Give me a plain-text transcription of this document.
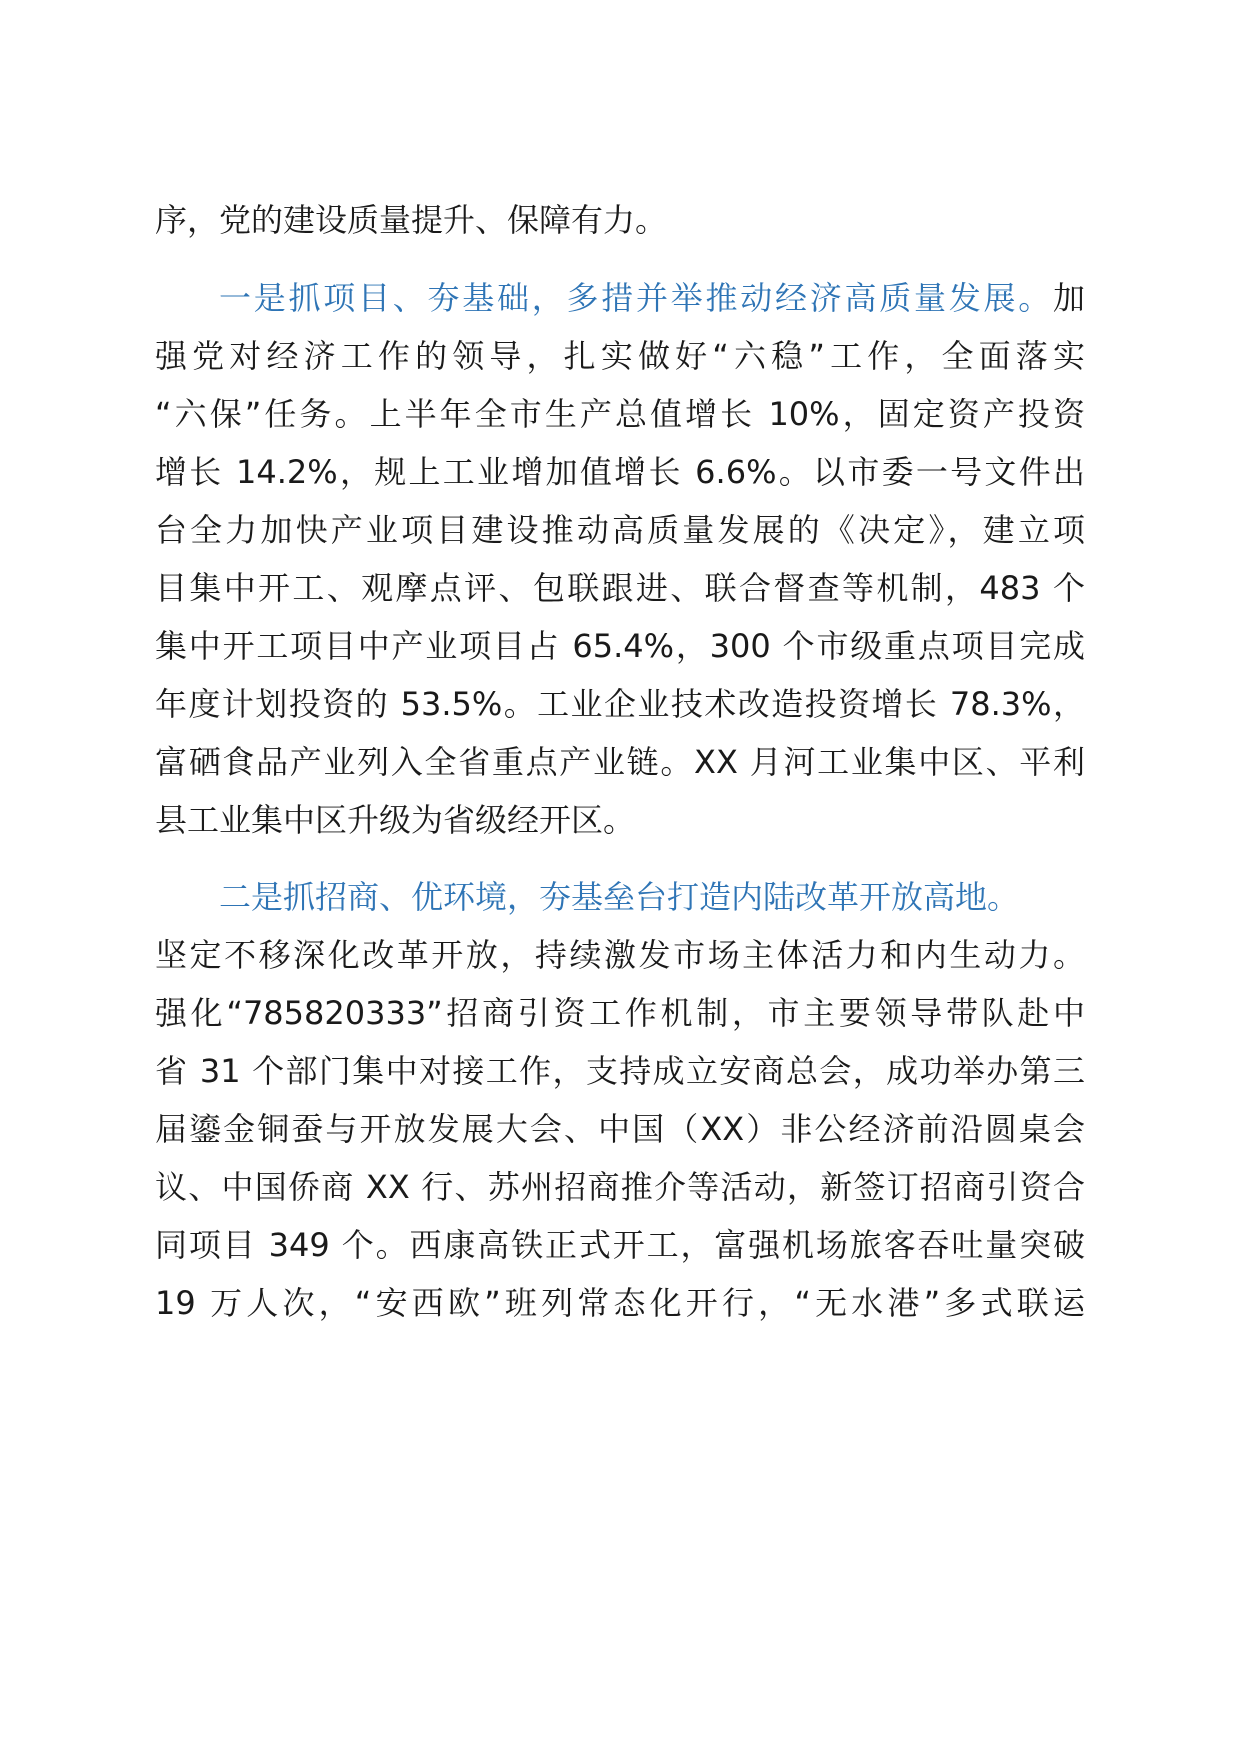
序，党的建设质量提升、保障有力。
一是抓项目、夯基础，多措并举推动经济高质量发展。加
强党对经济工作的领导，扎实做好“六稳”工作，全面落实
“六保”任务。上半年全市生产总值增长 10%，固定资产投资
增长 14.2%，规上工业增加值增长 6.6%。以市委一号文件出
台全力加快产业项目建设推动高质量发展的《决定》，建立项
目集中开工、观摩点评、包联跟进、联合督查等机制，483 个
集中开工项目中产业项目占 65.4%，300 个市级重点项目完成
年度计划投资的 53.5%。工业企业技术改造投资增长 78.3%，
富硒食品产业列入全省重点产业链。XX 月河工业集中区、平利
县工业集中区升级为省级经开区。
二是抓招商、优环境，夯基垒台打造内陆改革开放高地。
坚定不移深化改革开放，持续激发市场主体活力和内生动力。
强化“785820333”招商引资工作机制，市主要领导带队赴中
省 31 个部门集中对接工作，支持成立安商总会，成功举办第三
届鎏金铜蚕与开放发展大会、中国（XX）非公经济前沿圆桌会
议、中国侨商 XX 行、苏州招商推介等活动，新签订招商引资合
同项目 349 个。西康高铁正式开工，富强机场旅客吞吐量突破
19 万人次，“安西欧”班列常态化开行，“无水港”多式联运
